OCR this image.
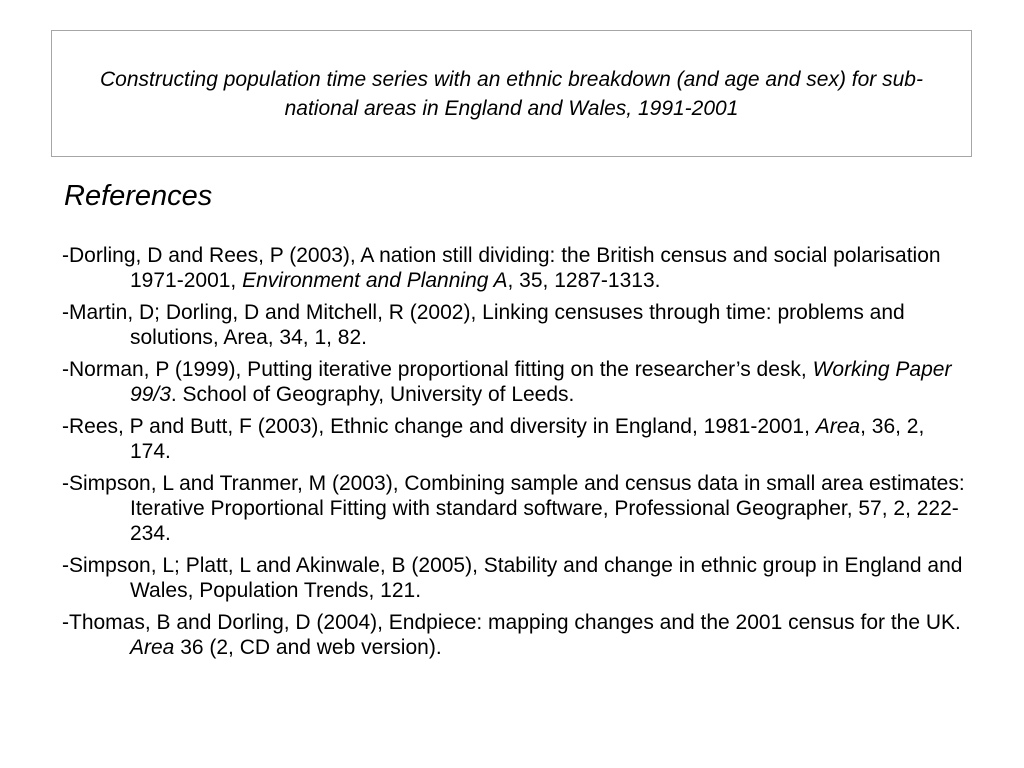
Constructing population time series with an ethnic breakdown (and age and sex) for sub-national areas in England and Wales, 1991-2001

References
-Dorling, D and Rees, P (2003), A nation still dividing: the British census and social polarisation 1971-2001, Environment and Planning A, 35, 1287-1313.
-Martin, D; Dorling, D and Mitchell, R (2002), Linking censuses through time: problems and solutions, Area, 34, 1, 82.
-Norman, P (1999), Putting iterative proportional fitting on the researcher’s desk, Working Paper 99/3. School of Geography, University of Leeds.
-Rees, P and Butt, F (2003), Ethnic change and diversity in England, 1981-2001, Area, 36, 2, 174.
-Simpson, L and Tranmer, M (2003), Combining sample and census data in small area estimates: Iterative Proportional Fitting with standard software, Professional Geographer, 57, 2, 222-234.
-Simpson, L; Platt, L and Akinwale, B (2005), Stability and change in ethnic group in England and Wales, Population Trends, 121.
-Thomas, B and Dorling, D (2004), Endpiece: mapping changes and the 2001 census for the UK. Area 36 (2, CD and web version).
